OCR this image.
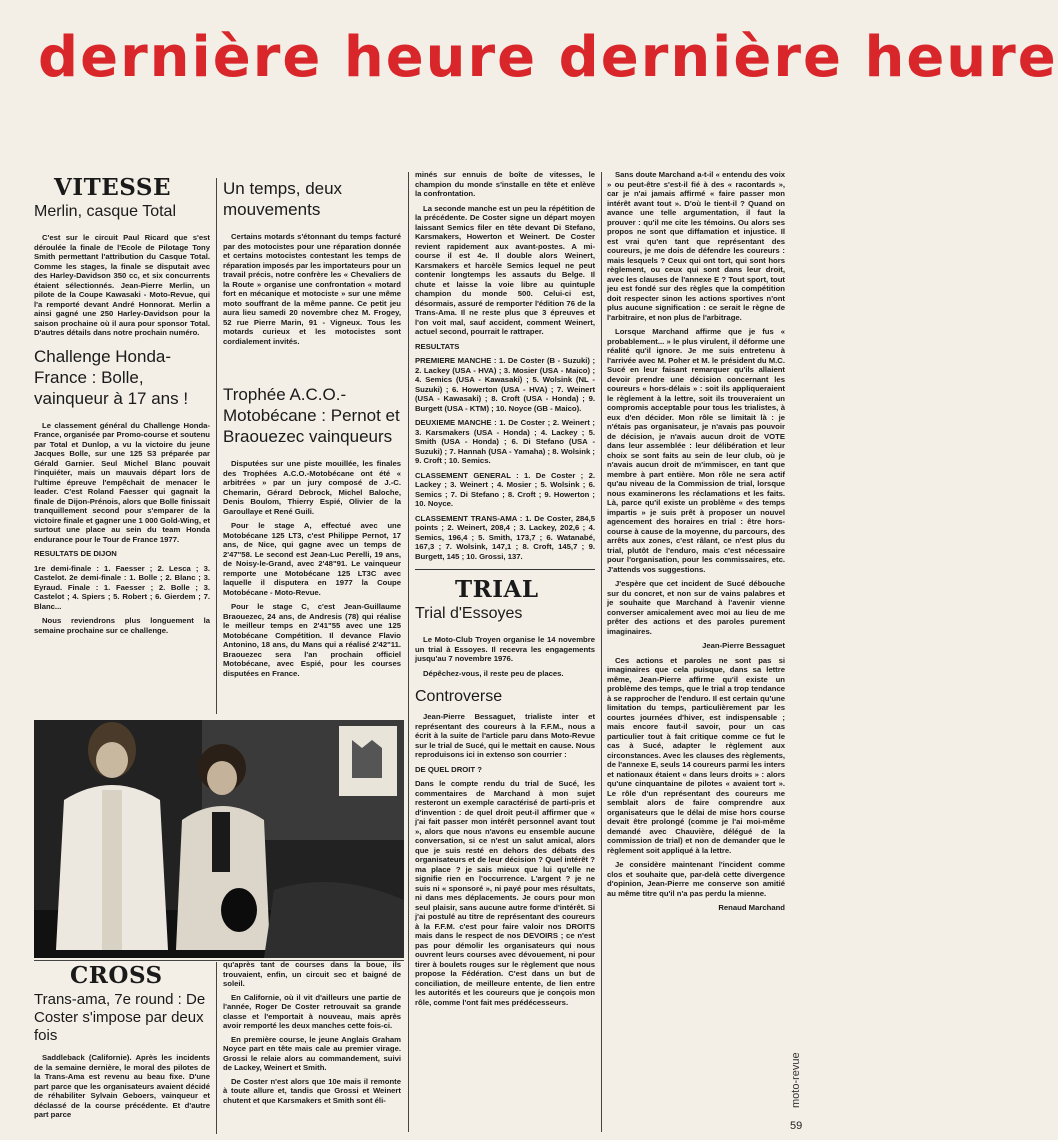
dernière heure dernière heure
VITESSE
Merlin, casque Total

C'est sur le circuit Paul Ricard que s'est déroulée la finale de l'Ecole de Pilotage Tony Smith permettant l'attribution du Casque Total. Comme les stages, la finale se disputait avec des Harley-Davidson 350 cc, et six concurrents étaient sélectionnés. Jean-Pierre Merlin, un pilote de la Coupe Kawasaki - Moto-Revue, qui l'a remporté devant André Honnorat. Merlin a ainsi gagné une 250 Harley-Davidson pour la saison prochaine où il aura pour sponsor Total. D'autres détails dans notre prochain numéro.

Challenge Honda-France : Bolle, vainqueur à 17 ans !

Le classement général du Challenge Honda-France, organisée par Promo-course et soutenu par Total et Dunlop, a vu la victoire du jeune Jacques Bolle, sur une 125 S3 préparée par Gérald Garnier. Seul Michel Blanc pouvait l'inquiéter, mais un mauvais départ lors de l'ultime épreuve l'empêchait de menacer le leader. C'est Roland Faesser qui gagnait la finale de Dijon-Prénois, alors que Bolle finissait tranquillement second pour s'emparer de la victoire finale et gagner une 1 000 Gold-Wing, et surtout une place au sein du team Honda endurance pour le Tour de France 1977.

RESULTATS DE DIJON

1re demi-finale : 1. Faesser ; 2. Lesca ; 3. Castelot. 2e demi-finale : 1. Bolle ; 2. Blanc ; 3. Eyraud. Finale : 1. Faesser ; 2. Bolle ; 3. Castelot ; 4. Spiers ; 5. Robert ; 6. Gierdem ; 7. Blanc...

Nous reviendrons plus longuement la semaine prochaine sur ce challenge.

Un temps, deux mouvements

Certains motards s'étonnant du temps facturé par des motocistes pour une réparation donnée et certains motocistes contestant les temps de réparation imposés par les importateurs pour un travail précis, notre confrère les « Chevaliers de la Route » organise une confrontation « motard fort en mécanique et motociste » sur une même moto souffrant de la même panne. Ce petit jeu aura lieu samedi 20 novembre chez M. Frogey, 52 rue Pierre Marin, 91 - Vigneux. Tous les motards curieux et les motocistes sont cordialement invités.

Trophée A.C.O.-Motobécane : Pernot et Braouezec vainqueurs

Disputées sur une piste mouillée, les finales des Trophées A.C.O.-Motobécane ont été « arbitrées » par un jury composé de J.-C. Chemarin, Gérard Debrock, Michel Baloche, Denis Boulom, Thierry Espié, Olivier de la Garoullaye et René Guili.

Pour le stage A, effectué avec une Motobécane 125 LT3, c'est Philippe Pernot, 17 ans, de Nice, qui gagne avec un temps de 2'47"58. Le second est Jean-Luc Perelli, 19 ans, de Noisy-le-Grand, avec 2'48"91. Le vainqueur remporte une Motobécane 125 LT3C avec laquelle il disputera en 1977 la Coupe Motobécane - Moto-Revue.

Pour le stage C, c'est Jean-Guillaume Braouezec, 24 ans, de Andresis (78) qui réalise le meilleur temps en 2'41"55 avec une 125 Motobécane Compétition. Il devance Flavio Antonino, 18 ans, du Mans qui a réalisé 2'42"11. Braouezec sera l'an prochain officiel Motobécane, avec Espié, pour les courses disputées en France.

minés sur ennuis de boîte de vitesses, le champion du monde s'installe en tête et enlève la confrontation.

La seconde manche est un peu la répétition de la précédente. De Coster signe un départ moyen laissant Semics filer en tête devant Di Stefano, Karsmakers, Howerton et Weinert. De Coster revient rapidement aux avant-postes. A mi-course il est 4e. Il double alors Weinert, Karsmakers et harcèle Semics lequel ne peut contenir longtemps les assauts du Belge. Il chute et laisse la voie libre au quintuple champion du monde 500. Celui-ci est, désormais, assuré de remporter l'édition 76 de la Trans-Ama. Il ne reste plus que 3 épreuves et l'on voit mal, sauf accident, comment Weinert, actuel second, pourrait le rattraper.

RESULTATS

PREMIERE MANCHE : 1. De Coster (B - Suzuki) ; 2. Lackey (USA - HVA) ; 3. Mosier (USA - Maico) ; 4. Semics (USA - Kawasaki) ; 5. Wolsink (NL - Suzuki) ; 6. Howerton (USA - HVA) ; 7. Weinert (USA - Kawasaki) ; 8. Croft (USA - Honda) ; 9. Burgett (USA - KTM) ; 10. Noyce (GB - Maico).

DEUXIEME MANCHE : 1. De Coster ; 2. Weinert ; 3. Karsmakers (USA - Honda) ; 4. Lackey ; 5. Smith (USA - Honda) ; 6. Di Stefano (USA - Suzuki) ; 7. Hannah (USA - Yamaha) ; 8. Wolsink ; 9. Croft ; 10. Semics.

CLASSEMENT GENERAL : 1. De Coster ; 2. Lackey ; 3. Weinert ; 4. Mosier ; 5. Wolsink ; 6. Semics ; 7. Di Stefano ; 8. Croft ; 9. Howerton ; 10. Noyce.

CLASSEMENT TRANS-AMA : 1. De Coster, 284,5 points ; 2. Weinert, 208,4 ; 3. Lackey, 202,6 ; 4. Semics, 196,4 ; 5. Smith, 173,7 ; 6. Watanabé, 167,3 ; 7. Wolsink, 147,1 ; 8. Croft, 145,7 ; 9. Burgett, 145 ; 10. Grossi, 137.

TRIAL
Trial d'Essoyes

Le Moto-Club Troyen organise le 14 novembre un trial à Essoyes. Il recevra les engagements jusqu'au 7 novembre 1976.

Dépêchez-vous, il reste peu de places.

Controverse

Jean-Pierre Bessaguet, trialiste inter et représentant des coureurs à la F.F.M., nous a écrit à la suite de l'article paru dans Moto-Revue sur le trial de Sucé, qui le mettait en cause. Nous reproduisons ici in extenso son courrier :

DE QUEL DROIT ?

Dans le compte rendu du trial de Sucé, les commentaires de Marchand à mon sujet resteront un exemple caractérisé de parti-pris et d'invention : de quel droit peut-il affirmer que « j'ai fait passer mon intérêt personnel avant tout », alors que nous n'avons eu ensemble aucune conversation, si ce n'est un salut amical, alors que je suis resté en dehors des débats des organisateurs et de leur décision ? Quel intérêt ? ma place ? je sais mieux que lui qu'elle ne signifie rien en l'occurrence. L'argent ? je ne suis ni « sponsoré », ni payé pour mes résultats, ni dans mes déplacements. Je cours pour mon seul plaisir, sans aucune autre forme d'intérêt. Si j'ai postulé au titre de représentant des coureurs à la F.F.M. c'est pour faire valoir nos DROITS mais dans le respect de nos DEVOIRS ; ce n'est pas pour démolir les organisateurs qui nous ouvrent leurs courses avec dévouement, ni pour tirer à boulets rouges sur le règlement que nous propose la Fédération. C'est dans un but de conciliation, de meilleure entente, de lien entre les autorités et les coureurs que je conçois mon rôle, comme l'ont fait mes prédécesseurs.

Sans doute Marchand a-t-il « entendu des voix » ou peut-être s'est-il fié à des « racontards », car je n'ai jamais affirmé « faire passer mon intérêt avant tout ». D'où le tient-il ? Quand on avance une telle argumentation, il faut la prouver : qu'il me cite les témoins. Ou alors ses propos ne sont que diffamation et injustice. Il est vrai qu'en tant que représentant des coureurs, je me dois de défendre les coureurs : mais lesquels ? Ceux qui ont tort, qui sont hors règlement, ou ceux qui sont dans leur droit, avec les clauses de l'annexe E ? Tout sport, tout jeu est fondé sur des règles que la compétition doit respecter sinon les actions sportives n'ont plus aucune signification : ce serait le règne de l'arbitraire, et non plus de l'arbitrage.

Lorsque Marchand affirme que je fus « probablement... » le plus virulent, il déforme une réalité qu'il ignore. Je me suis entretenu à l'arrivée avec M. Poher et M. le président du M.C. Sucé en leur faisant remarquer qu'ils allaient devoir prendre une décision concernant les coureurs « hors-délais » : soit ils appliqueraient le règlement à la lettre, soit ils trouveraient un compromis acceptable pour tous les trialistes, à eux d'en décider. Mon rôle se limitait là : je n'étais pas organisateur, je n'avais pas pouvoir de décision, je n'avais aucun droit de VOTE dans leur assemblée : leur délibération et leur choix se sont faits au sein de leur club, où je n'avais aucun droit de m'immiscer, en tant que membre à part entière. Mon rôle ne sera actif qu'au niveau de la Commission de trial, lorsque nous examinerons les réclamations et les faits. Là, parce qu'il existe un problème « des temps impartis » je suis prêt à proposer un nouvel agencement des horaires en trial : être hors-course à cause de la moyenne, du parcours, des arrêts aux zones, c'est râlant, ce n'est plus du trial, plutôt de l'enduro, mais c'est nécessaire pour l'organisation, pour les commissaires, etc. J'attends vos suggestions.

J'espère que cet incident de Sucé débouche sur du concret, et non sur de vains palabres et je souhaite que Marchand à l'avenir vienne converser amicalement avec moi au lieu de me prêter des actions et des paroles purement imaginaires.

Jean-Pierre Bessaguet

Ces actions et paroles ne sont pas si imaginaires que cela puisque, dans sa lettre même, Jean-Pierre affirme qu'il existe un problème des temps, que le trial a trop tendance à se rapprocher de l'enduro. Il est certain qu'une limitation du temps, particulièrement par les courtes journées d'hiver, est indispensable ; mais encore faut-il savoir, pour un cas particulier tout à fait critique comme ce fut le cas à Sucé, adapter le règlement aux circonstances. Avec les clauses des règlements, de l'annexe E, seuls 14 coureurs parmi les inters et nationaux étaient « dans leurs droits » : alors qu'une cinquantaine de pilotes « avaient tort ». Le rôle d'un représentant des coureurs me semblait alors de faire comprendre aux organisateurs que le délai de mise hors course devait être prolongé (comme je l'ai moi-même demandé avec Chauvière, délégué de la commission de trial) et non de demander que le règlement soit appliqué à la lettre.

Je considère maintenant l'incident comme clos et souhaite que, par-delà cette divergence d'opinion, Jean-Pierre me conserve son amitié au même titre qu'il n'a pas perdu la mienne.

Renaud Marchand

CROSS
Trans-ama, 7e round : De Coster s'impose par deux fois

Saddleback (Californie). Après les incidents de la semaine dernière, le moral des pilotes de la Trans-Ama est revenu au beau fixe. D'une part parce que les organisateurs avaient décidé de réhabiliter Sylvain Geboers, vainqueur et déclassé de la course précédente. Et d'autre part parce

qu'après tant de courses dans la boue, ils trouvaient, enfin, un circuit sec et baigné de soleil.

En Californie, où il vit d'ailleurs une partie de l'année, Roger De Coster retrouvait sa grande classe et l'emportait à nouveau, mais après avoir remporté les deux manches cette fois-ci.

En première course, le jeune Anglais Graham Noyce part en tête mais cale au premier virage. Grossi le relaie alors au commandement, suivi de Lackey, Weinert et Smith.

De Coster n'est alors que 10e mais il remonte à toute allure et, tandis que Grossi et Weinert chutent et que Karsmakers et Smith sont éli-	moto-revue
59
